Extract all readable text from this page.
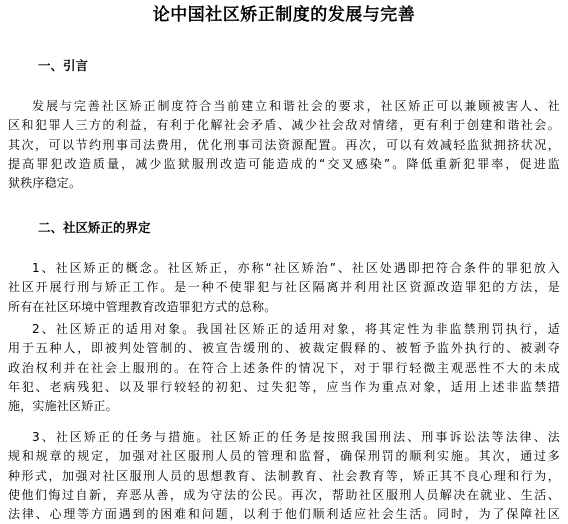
论中国社区矫正制度的发展与完善
一、引言
发展与完善社区矫正制度符合当前建立和谐社会的要求，社区矫正可以兼顾被害人、社
区和犯罪人三方的利益，有利于化解社会矛盾、减少社会敌对情绪，更有利于创建和谐社会。
其次，可以节约刑事司法费用，优化刑事司法资源配置。再次，可以有效减轻监狱拥挤状况，
提高罪犯改造质量，减少监狱服刑改造可能造成的“交叉感染”。降低重新犯罪率，促进监
狱秩序稳定。
二、社区矫正的界定
1、社区矫正的概念。社区矫正，亦称“社区矫治”、社区处遇即把符合条件的罪犯放入
社区开展行刑与矫正工作。是一种不使罪犯与社区隔离并利用社区资源改造罪犯的方法，是
所有在社区环境中管理教育改造罪犯方式的总称。
2、社区矫正的适用对象。我国社区矫正的适用对象，将其定性为非监禁刑罚执行，适
用于五种人，即被判处管制的、被宣告缓刑的、被裁定假释的、被暂予监外执行的、被剥夺
政治权利并在社会上服刑的。在符合上述条件的情况下，对于罪行轻微主观恶性不大的未成
年犯、老病残犯、以及罪行较轻的初犯、过失犯等，应当作为重点对象，适用上述非监禁措
施，实施社区矫正。
3、社区矫正的任务与措施。社区矫正的任务是按照我国刑法、刑事诉讼法等法律、法
规和规章的规定，加强对社区服刑人员的管理和监督，确保刑罚的顺利实施。其次，通过多
种形式，加强对社区服刑人员的思想教育、法制教育、社会教育等，矫正其不良心理和行为，
使他们悔过自新，弃恶从善，成为守法的公民。再次，帮助社区服刑人员解决在就业、生活、
法律、心理等方面遇到的困难和问题，以利于他们顺利适应社会生活。同时，为了保障社区
